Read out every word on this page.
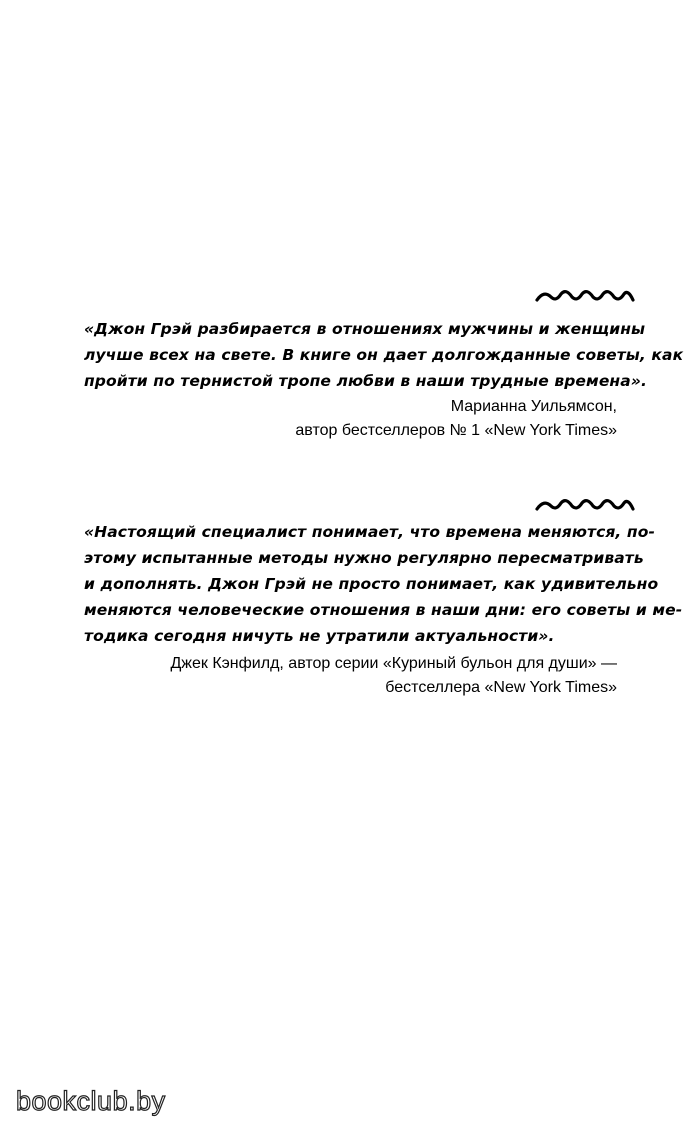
«Джон Грэй разбирается в отношениях мужчины и женщины
лучше всех на свете. В книге он дает долгожданные советы, как
пройти по тернистой тропе любви в наши трудные времена».

Марианна Уильямсон,
автор бестселлеров № 1 «New York Times»

«Настоящий специалист понимает, что времена меняются, по-
этому испытанные методы нужно регулярно пересматривать
и дополнять. Джон Грэй не просто понимает, как удивительно
меняются человеческие отношения в наши дни: его советы и ме-
тодика сегодня ничуть не утратили актуальности».

Джек Кэнфилд, автор серии «Куриный бульон для души» —
бестселлера «New York Times»
bookclub.by
